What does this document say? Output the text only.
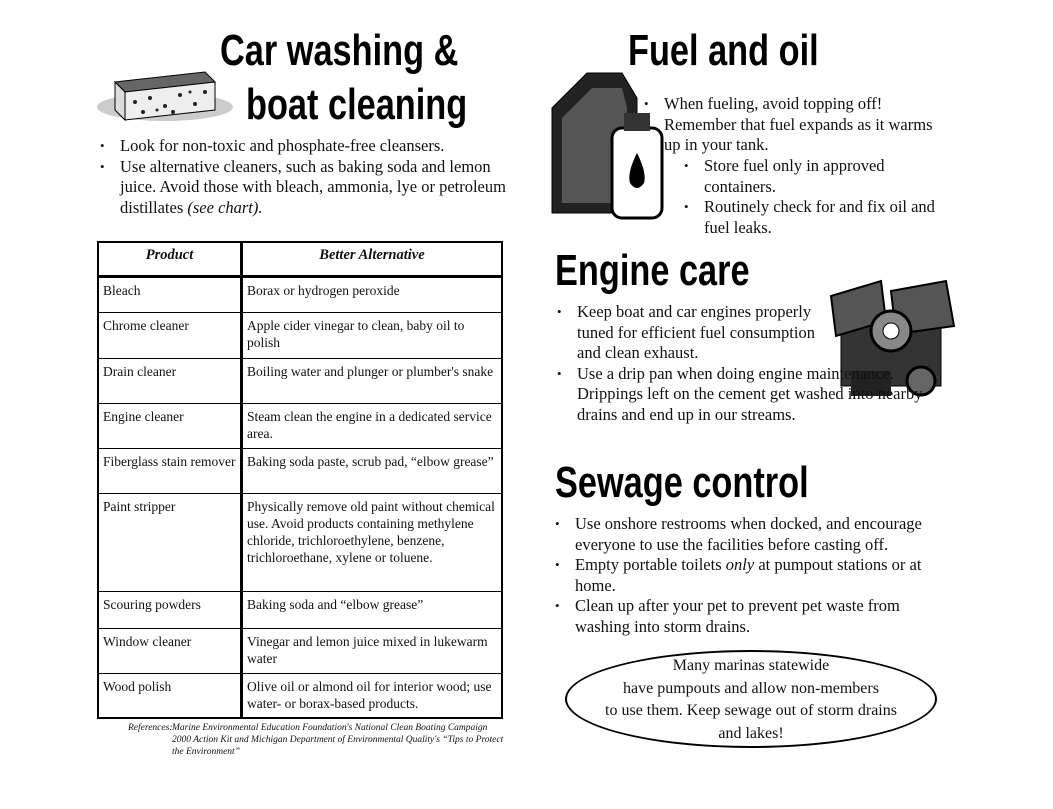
Car washing &
boat cleaning
• Look for non-toxic and phosphate-free cleansers.
• Use alternative cleaners, such as baking soda and lemon juice. Avoid those with bleach, ammonia, lye or petroleum distillates (see chart).
Product	Better Alternative
Bleach	Borax or hydrogen peroxide
Chrome cleaner	Apple cider vinegar to clean, baby oil to polish
Drain cleaner	Boiling water and plunger or plumber's snake
Engine cleaner	Steam clean the engine in a dedicated service area.
Fiberglass stain remover	Baking soda paste, scrub pad, “elbow grease”
Paint stripper	Physically remove old paint without chemical use. Avoid products containing methylene chloride, trichloroethylene, benzene, trichloroethane, xylene or toluene.
Scouring powders	Baking soda and “elbow grease”
Window cleaner	Vinegar and lemon juice mixed in lukewarm water
Wood polish	Olive oil or almond oil for interior wood; use water- or borax-based products.
References: Marine Environmental Education Foundation's National Clean Boating Campaign 2000 Action Kit and Michigan Department of Environmental Quality's “Tips to Protect the Environment”
Fuel and oil
• When fueling, avoid topping off! Remember that fuel expands as it warms up in your tank.
• Store fuel only in approved containers.
• Routinely check for and fix oil and fuel leaks.
Engine care
• Keep boat and car engines properly tuned for efficient fuel consumption and clean exhaust.
• Use a drip pan when doing engine maintenance. Drippings left on the cement get washed into nearby drains and end up in our streams.
Sewage control
• Use onshore restrooms when docked, and encourage everyone to use the facilities before casting off.
• Empty portable toilets only at pumpout stations or at home.
• Clean up after your pet to prevent pet waste from washing into storm drains.
Many marinas statewide
have pumpouts and allow non-members
to use them. Keep sewage out of storm drains
and lakes!
